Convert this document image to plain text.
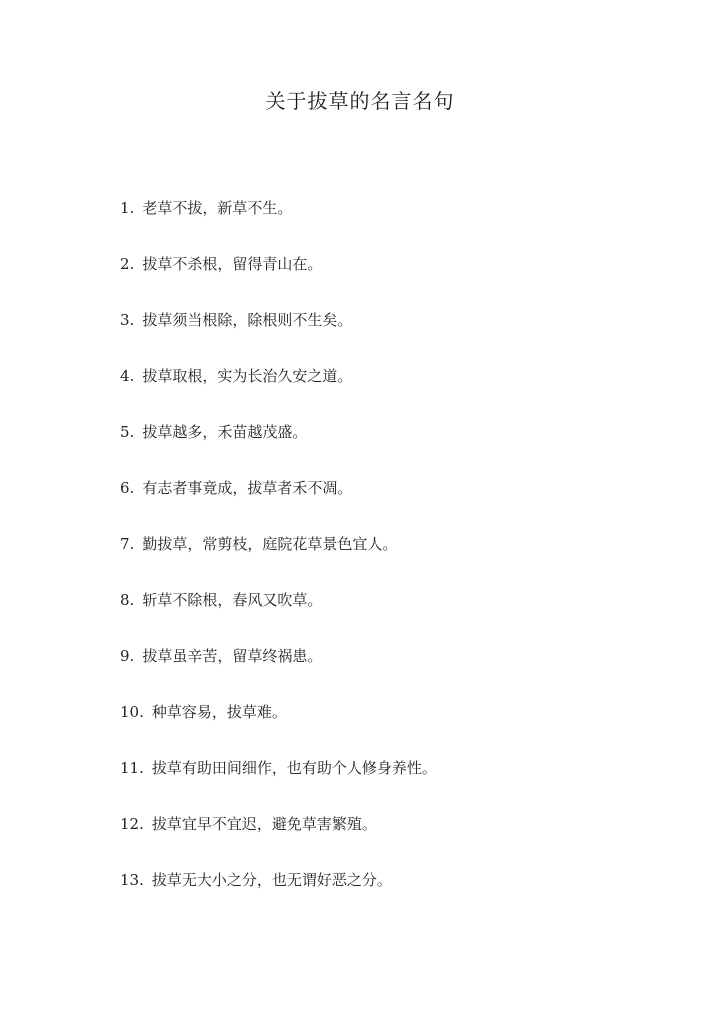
关于拔草的名言名句
1. 老草不拔，新草不生。
2. 拔草不杀根，留得青山在。
3. 拔草须当根除，除根则不生矣。
4. 拔草取根，实为长治久安之道。
5. 拔草越多，禾苗越茂盛。
6. 有志者事竟成，拔草者禾不凋。
7. 勤拔草，常剪枝，庭院花草景色宜人。
8. 斩草不除根，春风又吹草。
9. 拔草虽辛苦，留草终祸患。
10. 种草容易，拔草难。
11. 拔草有助田间细作，也有助个人修身养性。
12. 拔草宜早不宜迟，避免草害繁殖。
13. 拔草无大小之分，也无谓好恶之分。
